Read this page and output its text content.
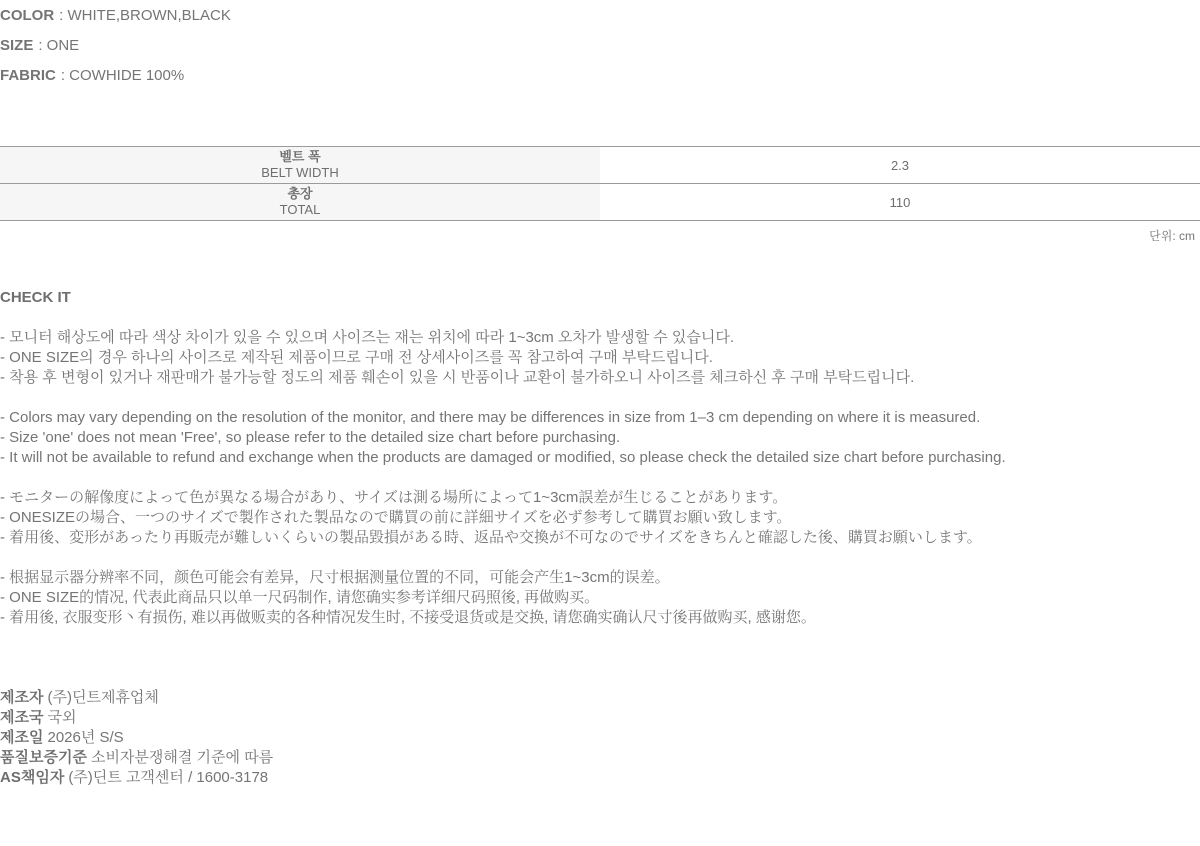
COLOR : WHITE,BROWN,BLACK
SIZE : ONE
FABRIC : COWHIDE 100%
벨트 폭
BELT WIDTH	2.3

총장
TOTAL	110
단위: cm
CHECK IT
- 모니터 해상도에 따라 색상 차이가 있을 수 있으며 사이즈는 재는 위치에 따라 1~3cm 오차가 발생할 수 있습니다.
- ONE SIZE의 경우 하나의 사이즈로 제작된 제품이므로 구매 전 상세사이즈를 꼭 참고하여 구매 부탁드립니다.
- 착용 후 변형이 있거나 재판매가 불가능할 정도의 제품 훼손이 있을 시 반품이나 교환이 불가하오니 사이즈를 체크하신 후 구매 부탁드립니다.
- Colors may vary depending on the resolution of the monitor, and there may be differences in size from 1–3 cm depending on where it is measured.
- Size 'one' does not mean 'Free', so please refer to the detailed size chart before purchasing.
- It will not be available to refund and exchange when the products are damaged or modified, so please check the detailed size chart before purchasing.
- モニターの解像度によって色が異なる場合があり、サイズは測る場所によって1~3cm誤差が生じることがあります。
- ONESIZEの場合、一つのサイズで製作された製品なので購買の前に詳細サイズを必ず参考して購買お願い致します。
- 着用後、変形があったり再販売が難しいくらいの製品毀損がある時、返品や交換が不可なのでサイズをきちんと確認した後、購買お願いします。
- 根据显示器分辨率不同，颜色可能会有差异，尺寸根据测量位置的不同，可能会产生1~3cm的误差。
- ONE SIZE的情况, 代表此商品只以单一尺码制作, 请您确实参考详细尺码照後, 再做购买。
- 着用後, 衣服变形丶有损伤, 难以再做贩卖的各种情况发生时, 不接受退货或是交换, 请您确实确认尺寸後再做购买, 感谢您。
제조자 (주)딘트제휴업체
제조국 국외
제조일 2026년 S/S
품질보증기준 소비자분쟁해결 기준에 따름
AS책임자 (주)딘트 고객센터 / 1600-3178
